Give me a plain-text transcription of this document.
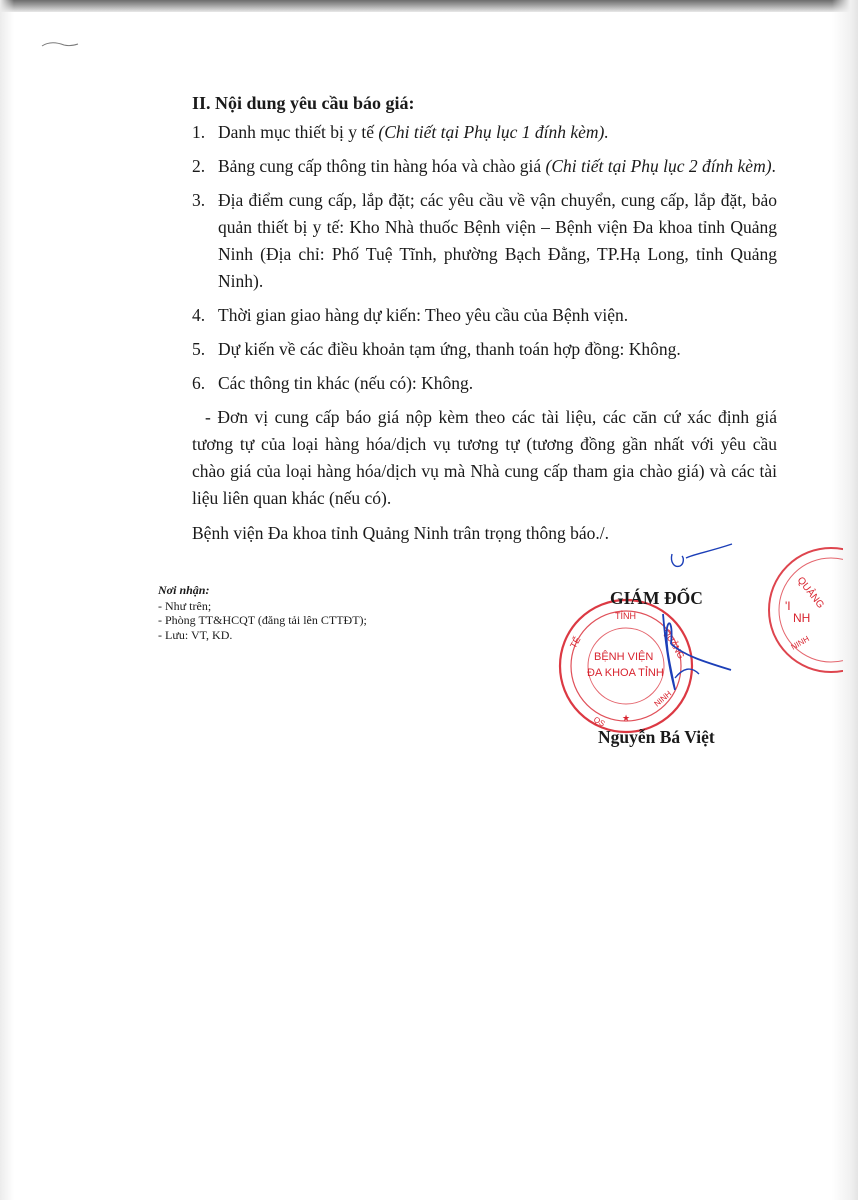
II. Nội dung yêu cầu báo giá:
1. Danh mục thiết bị y tế (Chi tiết tại Phụ lục 1 đính kèm).
2. Bảng cung cấp thông tin hàng hóa và chào giá (Chi tiết tại Phụ lục 2 đính kèm).
3. Địa điểm cung cấp, lắp đặt; các yêu cầu về vận chuyển, cung cấp, lắp đặt, bảo quản thiết bị y tế: Kho Nhà thuốc Bệnh viện – Bệnh viện Đa khoa tỉnh Quảng Ninh (Địa chỉ: Phố Tuệ Tĩnh, phường Bạch Đằng, TP.Hạ Long, tỉnh Quảng Ninh).
4. Thời gian giao hàng dự kiến: Theo yêu cầu của Bệnh viện.
5. Dự kiến về các điều khoản tạm ứng, thanh toán hợp đồng: Không.
6. Các thông tin khác (nếu có): Không.

- Đơn vị cung cấp báo giá nộp kèm theo các tài liệu, các căn cứ xác định giá tương tự của loại hàng hóa/dịch vụ tương tự (tương đồng gần nhất với yêu cầu chào giá của loại hàng hóa/dịch vụ mà Nhà cung cấp tham gia chào giá) và các tài liệu liên quan khác (nếu có).

Bệnh viện Đa khoa tỉnh Quảng Ninh trân trọng thông báo./.

Nơi nhận:
- Như trên;
- Phòng TT&HCQT (đăng tải lên CTTĐT);
- Lưu: VT, KD.
QUẢNG
'I
NH
NINH
TỈNH
TẾ	QUẢNG
BỆNH VIỆN
ĐA KHOA TỈNH
QS
NINH
★
GIÁM ĐỐC
Nguyễn Bá Việt
